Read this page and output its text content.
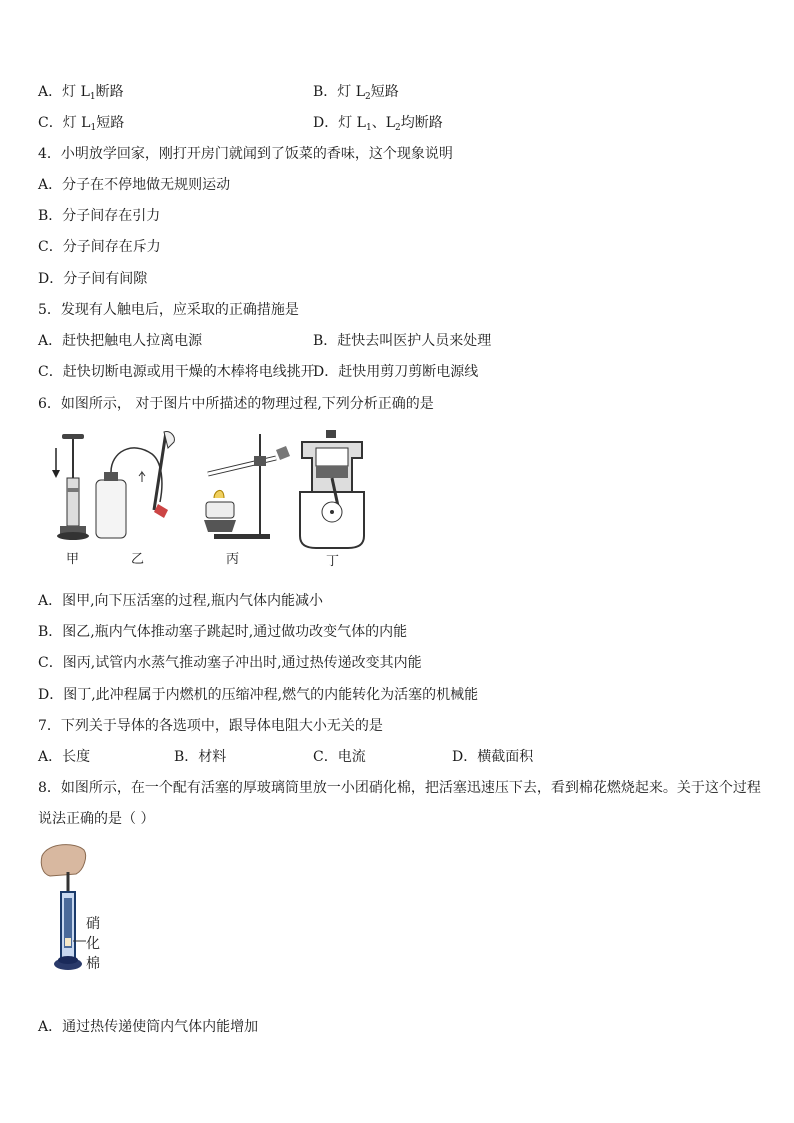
A．灯 $L_1$断路	B．灯 $L_2$短路
C．灯 $L_1$短路	D．灯 $L_1$、$L_2$均断路
4．小明放学回家，刚打开房门就闻到了饭菜的香味，这个现象说明
A．分子在不停地做无规则运动
B．分子间存在引力
C．分子间存在斥力
D．分子间有间隙
5．发现有人触电后，应采取的正确措施是
A．赶快把触电人拉离电源	B．赶快去叫医护人员来处理
C．赶快切断电源或用干燥的木棒将电线挑开
D．赶快用剪刀剪断电源线
6．如图所示， 对于图片中所描述的物理过程,下列分析正确的是
甲	乙	丙	丁
A．图甲,向下压活塞的过程,瓶内气体内能减小
B．图乙,瓶内气体推动塞子跳起时,通过做功改变气体的内能
C．图丙,试管内水蒸气推动塞子冲出时,通过热传递改变其内能
D．图丁,此冲程属于内燃机的压缩冲程,燃气的内能转化为活塞的机械能
7．下列关于导体的各选项中，跟导体电阻大小无关的是
A．长度	B．材料	C．电流	D．横截面积
8．如图所示，在一个配有活塞的厚玻璃筒里放一小团硝化棉，把活塞迅速压下去，看到棉花燃烧起来。关于这个过程
说法正确的是（ ）
硝
化
棉
A．通过热传递使筒内气体内能增加
